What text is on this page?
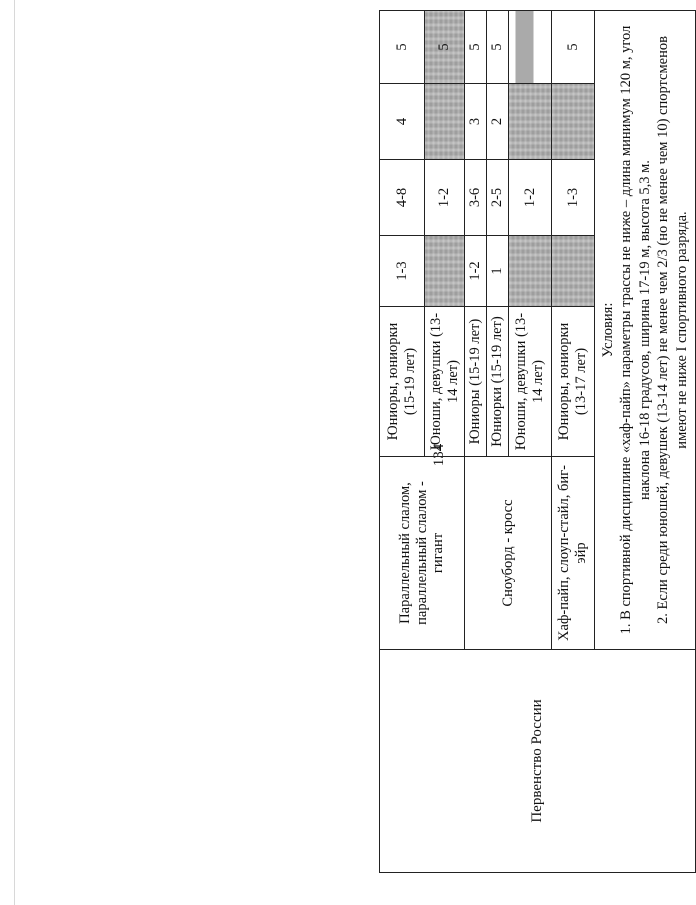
134
Первенство России	Параллельный слалом, параллельный слалом - гигант	Юниоры, юниорки (15-19 лет)	1-3	4-8	4	5
		Юноши, девушки (13-14 лет)		1-2		5
	Сноуборд - кросс	Юниоры (15-19 лет)	1-2	3-6	3	5
		Юниорки (15-19 лет)	1	2-5	2	5
		Юноши, девушки (13-14 лет)		1-2		
	Хаф-пайп, слоуп-стайл, биг-эйр	Юниоры, юниорки (13-17 лет)		1-3		5

	Условия: 1. В спортивной дисциплине «хаф-пайп» параметры трассы не ниже – длина минимум 120 м, угол наклона 16-18 градусов, ширина 17-19 м, высота 5,3 м. 2. Если среди юношей, девушек (13-14 лет) не менее чем 2/3 (но не менее чем 10) спортсменов имеют не ниже I спортивного разряда.					
